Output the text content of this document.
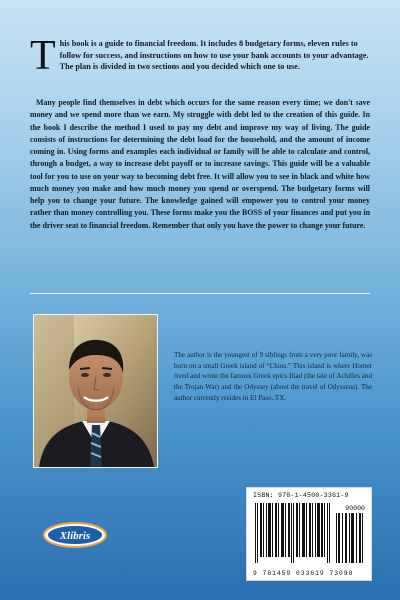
T his book is a guide to financial freedom. It includes 8 budgetary forms, eleven rules to follow for success, and instructions on how to use your bank accounts to your advantage. The plan is divided in two sections and you decided which one to use.
Many people find themselves in debt which occurs for the same reason every time; we don't save money and we spend more than we earn. My struggle with debt led to the creation of this guide. In the book I describe the method I used to pay my debt and improve my way of living. The guide consists of instructions for determining the debt load for the household, and the amount of income coming in. Using forms and examples each individual or family will be able to calculate and control, through a budget, a way to increase debt payoff or to increase savings. This guide will be a valuable tool for you to use on your way to becoming debt free. It will allow you to see in black and white how much money you make and how much money you spend or overspend. The budgetary forms will help you to change your future. The knowledge gained will empower you to control your money rather than money controlling you. These forms make you the BOSS of your finances and put you in the driver seat to financial freedom. Remember that only you have the power to change your future.
The author is the youngest of 9 siblings from a very poor family, was born on a small Greek island of “Chios.” This island is where Homer lived and wrote the famous Greek epics Iliad (the tale of Achilles and the Trojan War) and the Odyssey (about the travel of Odysseus). The author currently resides in El Paso, TX.
ISBN: 978-1-4500-3361-9
90000
9 781450 033619 73098
Xlibris
